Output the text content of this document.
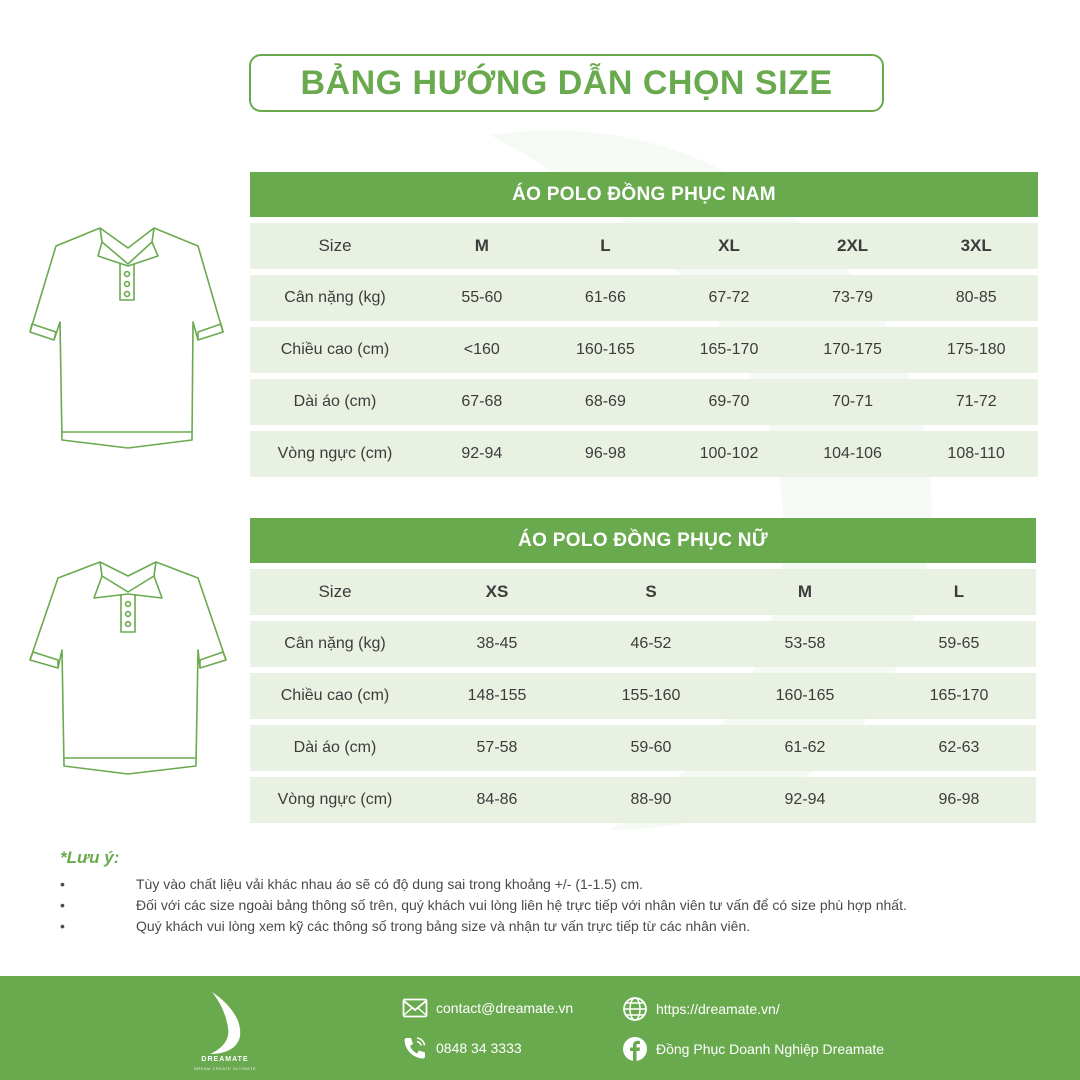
BẢNG HƯỚNG DẪN CHỌN SIZE
ÁO POLO ĐỒNG PHỤC NAM
Size	M	L	XL	2XL	3XL
Cân nặng (kg)	55-60	61-66	67-72	73-79	80-85
Chiều cao (cm)	<160	160-165	165-170	170-175	175-180
Dài áo (cm)	67-68	68-69	69-70	70-71	71-72
Vòng ngực (cm)	92-94	96-98	100-102	104-106	108-110
ÁO POLO ĐỒNG PHỤC NỮ
Size	XS	S	M	L
Cân nặng (kg)	38-45	46-52	53-58	59-65
Chiều cao (cm)	148-155	155-160	160-165	165-170
Dài áo (cm)	57-58	59-60	61-62	62-63
Vòng ngực (cm)	84-86	88-90	92-94	96-98
*Lưu ý:
•	Tùy vào chất liệu vải khác nhau áo sẽ có độ dung sai trong khoảng +/- (1-1.5) cm.
•	Đối với các size ngoài bảng thông số trên, quý khách vui lòng liên hệ trực tiếp với nhân viên tư vấn để có size phù hợp nhất.
•	Quý khách vui lòng xem kỹ các thông số trong bảng size và nhận tư vấn trực tiếp từ các nhân viên.
DREAMATE
DREAM CREATE ULTIMATE
contact@dreamate.vn
0848 34 3333
https://dreamate.vn/
Đồng Phục Doanh Nghiệp Dreamate
